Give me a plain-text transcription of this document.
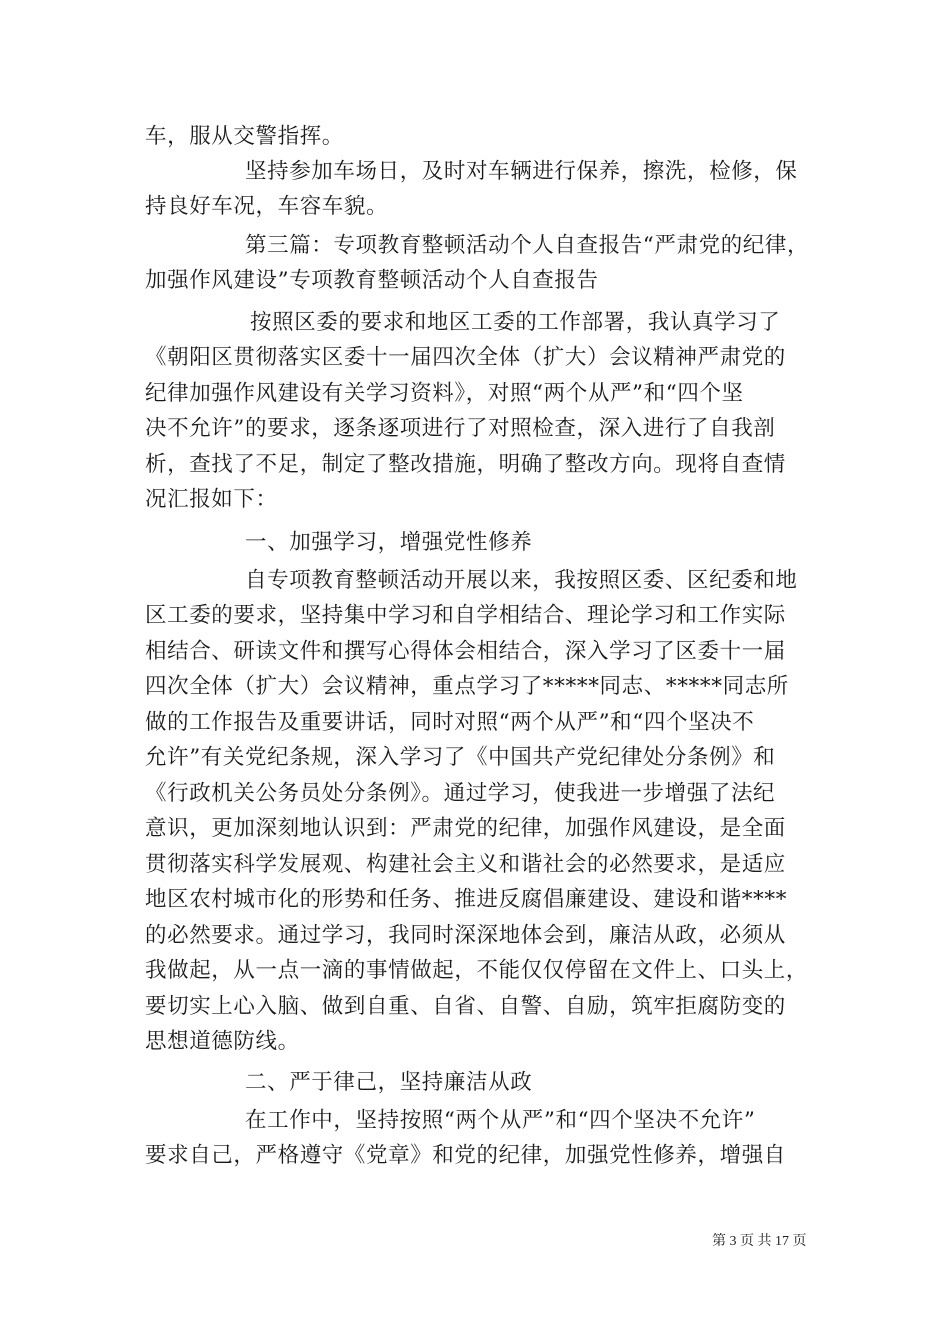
车，服从交警指挥。

坚持参加车场日，及时对车辆进行保养，擦洗，检修，保

持良好车况，车容车貌。

第三篇：专项教育整顿活动个人自查报告“严肃党的纪律，

加强作风建设”专项教育整顿活动个人自查报告

按照区委的要求和地区工委的工作部署，我认真学习了

《朝阳区贯彻落实区委十一届四次全体（扩大）会议精神严肃党的

纪律加强作风建设有关学习资料》，对照“两个从严”和“四个坚

决不允许”的要求，逐条逐项进行了对照检查，深入进行了自我剖

析，查找了不足，制定了整改措施，明确了整改方向。现将自查情

况汇报如下：

一、加强学习，增强党性修养

自专项教育整顿活动开展以来，我按照区委、区纪委和地

区工委的要求，坚持集中学习和自学相结合、理论学习和工作实际

相结合、研读文件和撰写心得体会相结合，深入学习了区委十一届

四次全体（扩大）会议精神，重点学习了*****同志、*****同志所

做的工作报告及重要讲话，同时对照“两个从严”和“四个坚决不

允许”有关党纪条规，深入学习了《中国共产党纪律处分条例》和

《行政机关公务员处分条例》。通过学习，使我进一步增强了法纪

意识，更加深刻地认识到：严肃党的纪律，加强作风建设，是全面

贯彻落实科学发展观、构建社会主义和谐社会的必然要求，是适应

地区农村城市化的形势和任务、推进反腐倡廉建设、建设和谐****

的必然要求。通过学习，我同时深深地体会到，廉洁从政，必须从

我做起，从一点一滴的事情做起，不能仅仅停留在文件上、口头上，

要切实上心入脑、做到自重、自省、自警、自励，筑牢拒腐防变的

思想道德防线。

二、严于律己，坚持廉洁从政

在工作中，坚持按照“两个从严”和“四个坚决不允许”

要求自己，严格遵守《党章》和党的纪律，加强党性修养，增强自

第 3 页 共 17 页
